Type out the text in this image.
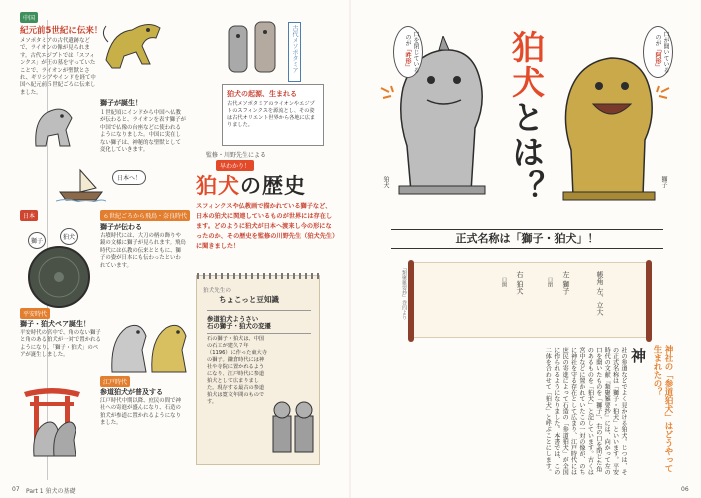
中国
紀元前5世紀に伝来！
メソポタミアの古代遺跡などで、ライオンの像が見られます。古代エジプトでは「スフィンクス」が王の墓を守っていたことで、ライオンが聖獣とされ、ギリシアやインドを経て中国へ紀元前５世紀ごろに伝来しました。
古代メソポタミア
狛犬の起源、生まれる
古代メソポタミアのライオンやエジプトのスフィンクスを源流とし、その姿は古代オリエント世界から各地に広まりました。
獅子が誕生！
１世紀頃にインドから中国へ仏教が伝わると、ライオンを表す獅子が中国で仏像の台座などに使われるようになりました。中国に実在しない獅子は、神秘的な聖獣として変化していきます。
日本へ！
監修・川野先生による
早わかり！
狛犬の歴史
スフィンクスや仏教画で描かれている獅子など、日本の狛犬に関連しているものが世界には存在します。どのように狛犬が日本へ渡来し今の形になったのか、その歴史を監修の川野先生（狛犬先生）に聞きました！
日本	６世紀ごろから飛鳥・奈良時代
獅子が伝わる
古墳時代には、大刀の柄の飾りや鏡の文様に獅子が見られます。飛鳥時代には仏教の伝来とともに、獅子の姿が日本にも伝わったといわれています。
獅子
狛犬
平安時代
獅子・狛犬ペア誕生！
平安時代の宮中で、角のない獅子と角のある狛犬が一対で置かれるようになり、「獅子・狛犬」のペアが誕生しました。
江戸時代
参道狛犬が普及する
江戸時代中期以降、庶民の間で神社への寄進が盛んになり、石造の狛犬が参道に置かれるようになりました。
狛犬先生の
ちょこっと豆知識
参道狛犬ようさい
石の獅子・狛犬の変遷
石の獅子・狛犬は、中国の石工が建久７年（1196）に作った東大寺の獅子。鎌倉時代には神社や寺院に置かれるようになり、江戸時代に参道狛犬として広まりました。現存する最古の参道狛犬は寛文年間のものです。
07 Part 1 狛犬の基礎
口を閉じているのが「吽形」
狛犬
狛犬とは？
口が開いているのが「阿形」
獅子
正式名称は「獅子・狛犬」！
帳角 左、立大
左 獅子
口閉
右 狛犬
口開
『類聚雑要抄』巻四より
神社の「参道狛犬」はどうやって生まれたの？
神
社の参道などでよく見かける狛犬。じつは、その正式名称は「獅子・狛犬」といいます。平安時代の文献『類聚雑要抄』には、向かって左の口を開いたものを「獅子」、右の口を閉じた角のあるものを「狛犬」と記しています。古くは宮中などに置かれていたこの一対の像が、のちに神社を守る存在として広まり、江戸時代には庶民の寄進によって石造の「参道狛犬」が全国に作られるようになりました。本書では、この二体を合わせて「狛犬」と呼ぶことにします。
06
